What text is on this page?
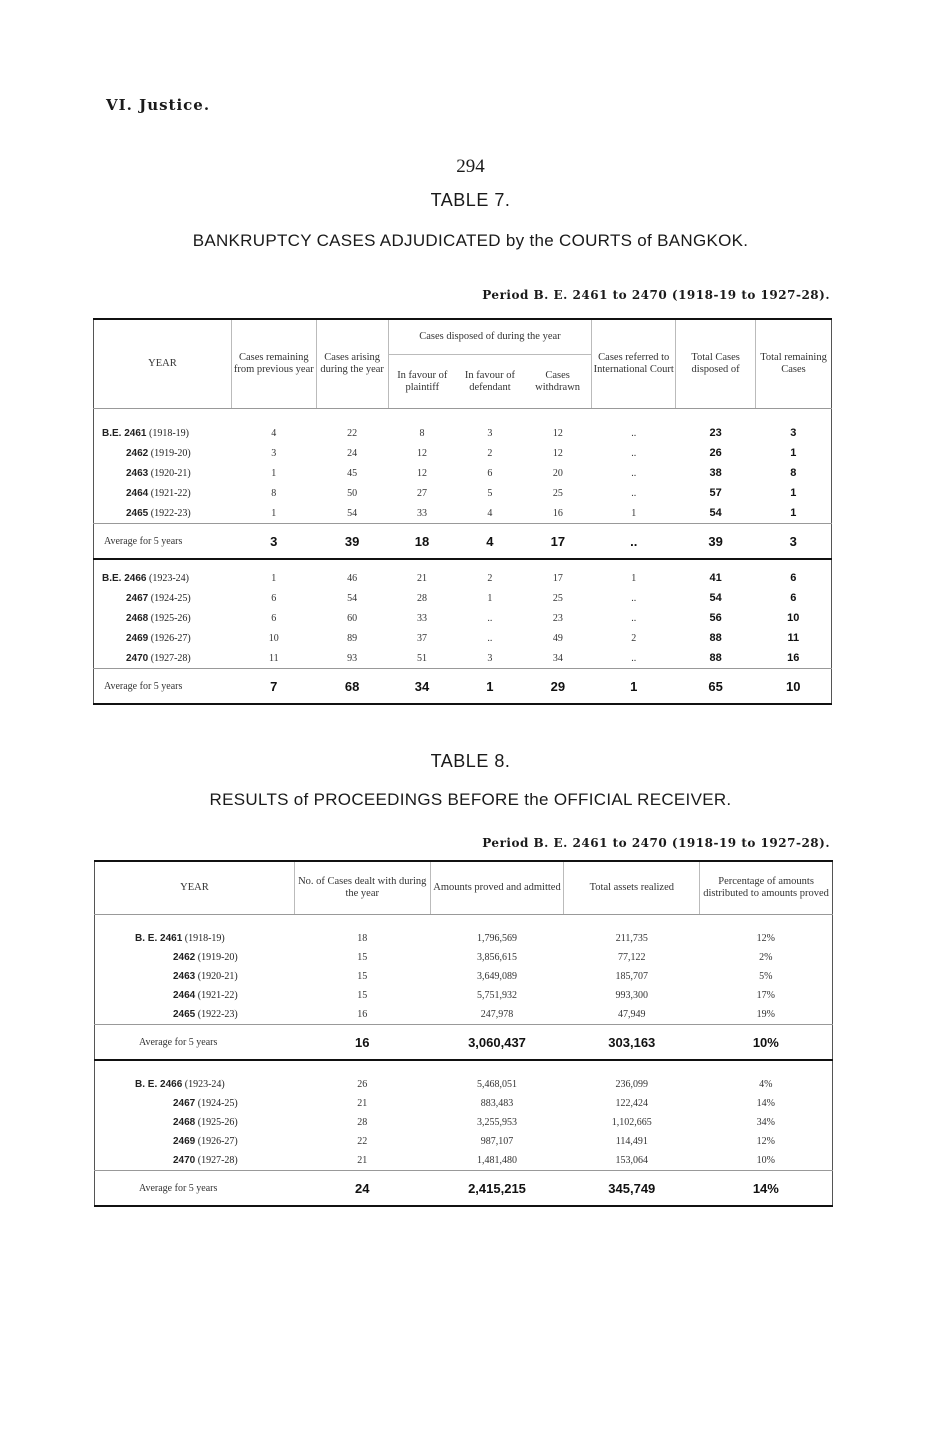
VI. Justice.
294
TABLE 7.
BANKRUPTCY CASES ADJUDICATED by the COURTS of BANGKOK.
Period B. E. 2461 to 2470 (1918-19 to 1927-28).
YEAR	Cases remaining from previous year	Cases arising during the year	Cases disposed of during the year			Cases referred to International Court	Total Cases disposed of	Total remaining Cases
			In favour of plaintiff	In favour of defendant	Cases withdrawn			
B.E. 2461 (1918-19)	4	22	8	3	12	..	23	3
2462 (1919-20)	3	24	12	2	12	..	26	1
2463 (1920-21)	1	45	12	6	20	..	38	8
2464 (1921-22)	8	50	27	5	25	..	57	1
2465 (1922-23)	1	54	33	4	16	1	54	1
Average for 5 years	3	39	18	4	17	..	39	3
B.E. 2466 (1923-24)	1	46	21	2	17	1	41	6
2467 (1924-25)	6	54	28	1	25	..	54	6
2468 (1925-26)	6	60	33	..	23	..	56	10
2469 (1926-27)	10	89	37	..	49	2	88	11
2470 (1927-28)	11	93	51	3	34	..	88	16
Average for 5 years	7	68	34	1	29	1	65	10
TABLE 8.
RESULTS of PROCEEDINGS BEFORE the OFFICIAL RECEIVER.
Period B. E. 2461 to 2470 (1918-19 to 1927-28).
YEAR	No. of Cases dealt with during the year	Amounts proved and admitted	Total assets realized	Percentage of amounts distributed to amounts proved
B. E. 2461 (1918-19)	18	1,796,569	211,735	12%
2462 (1919-20)	15	3,856,615	77,122	2%
2463 (1920-21)	15	3,649,089	185,707	5%
2464 (1921-22)	15	5,751,932	993,300	17%
2465 (1922-23)	16	247,978	47,949	19%
Average for 5 years	16	3,060,437	303,163	10%
B. E. 2466 (1923-24)	26	5,468,051	236,099	4%
2467 (1924-25)	21	883,483	122,424	14%
2468 (1925-26)	28	3,255,953	1,102,665	34%
2469 (1926-27)	22	987,107	114,491	12%
2470 (1927-28)	21	1,481,480	153,064	10%
Average for 5 years	24	2,415,215	345,749	14%
